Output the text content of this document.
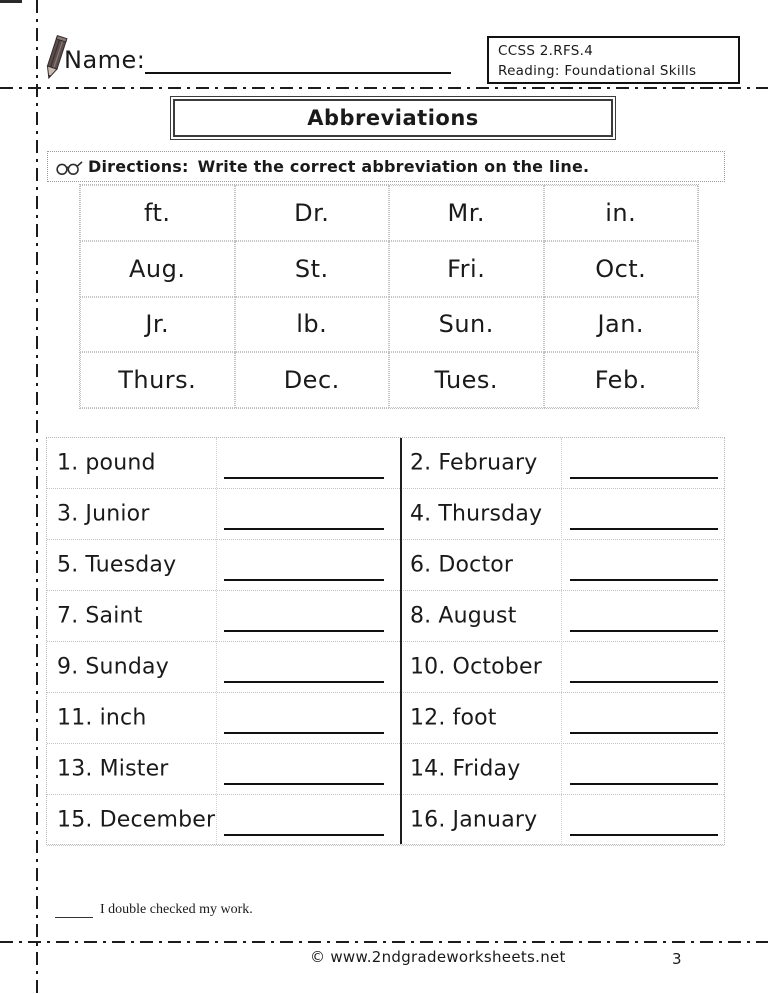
Name:	CCSS 2.RFS.4
Reading: Foundational Skills
Abbreviations
Directions: Write the correct abbreviation on the line.
ft.	Dr.	Mr.	in.
Aug.	St.	Fri.	Oct.
Jr.	lb.	Sun.	Jan.
Thurs.	Dec.	Tues.	Feb.
1. pound	2. February
3. Junior	4. Thursday
5. Tuesday	6. Doctor
7. Saint	8. August
9. Sunday	10. October
11. inch	12. foot
13. Mister	14. Friday
15. December	16. January
I double checked my work.
© www.2ndgradeworksheets.net	3
